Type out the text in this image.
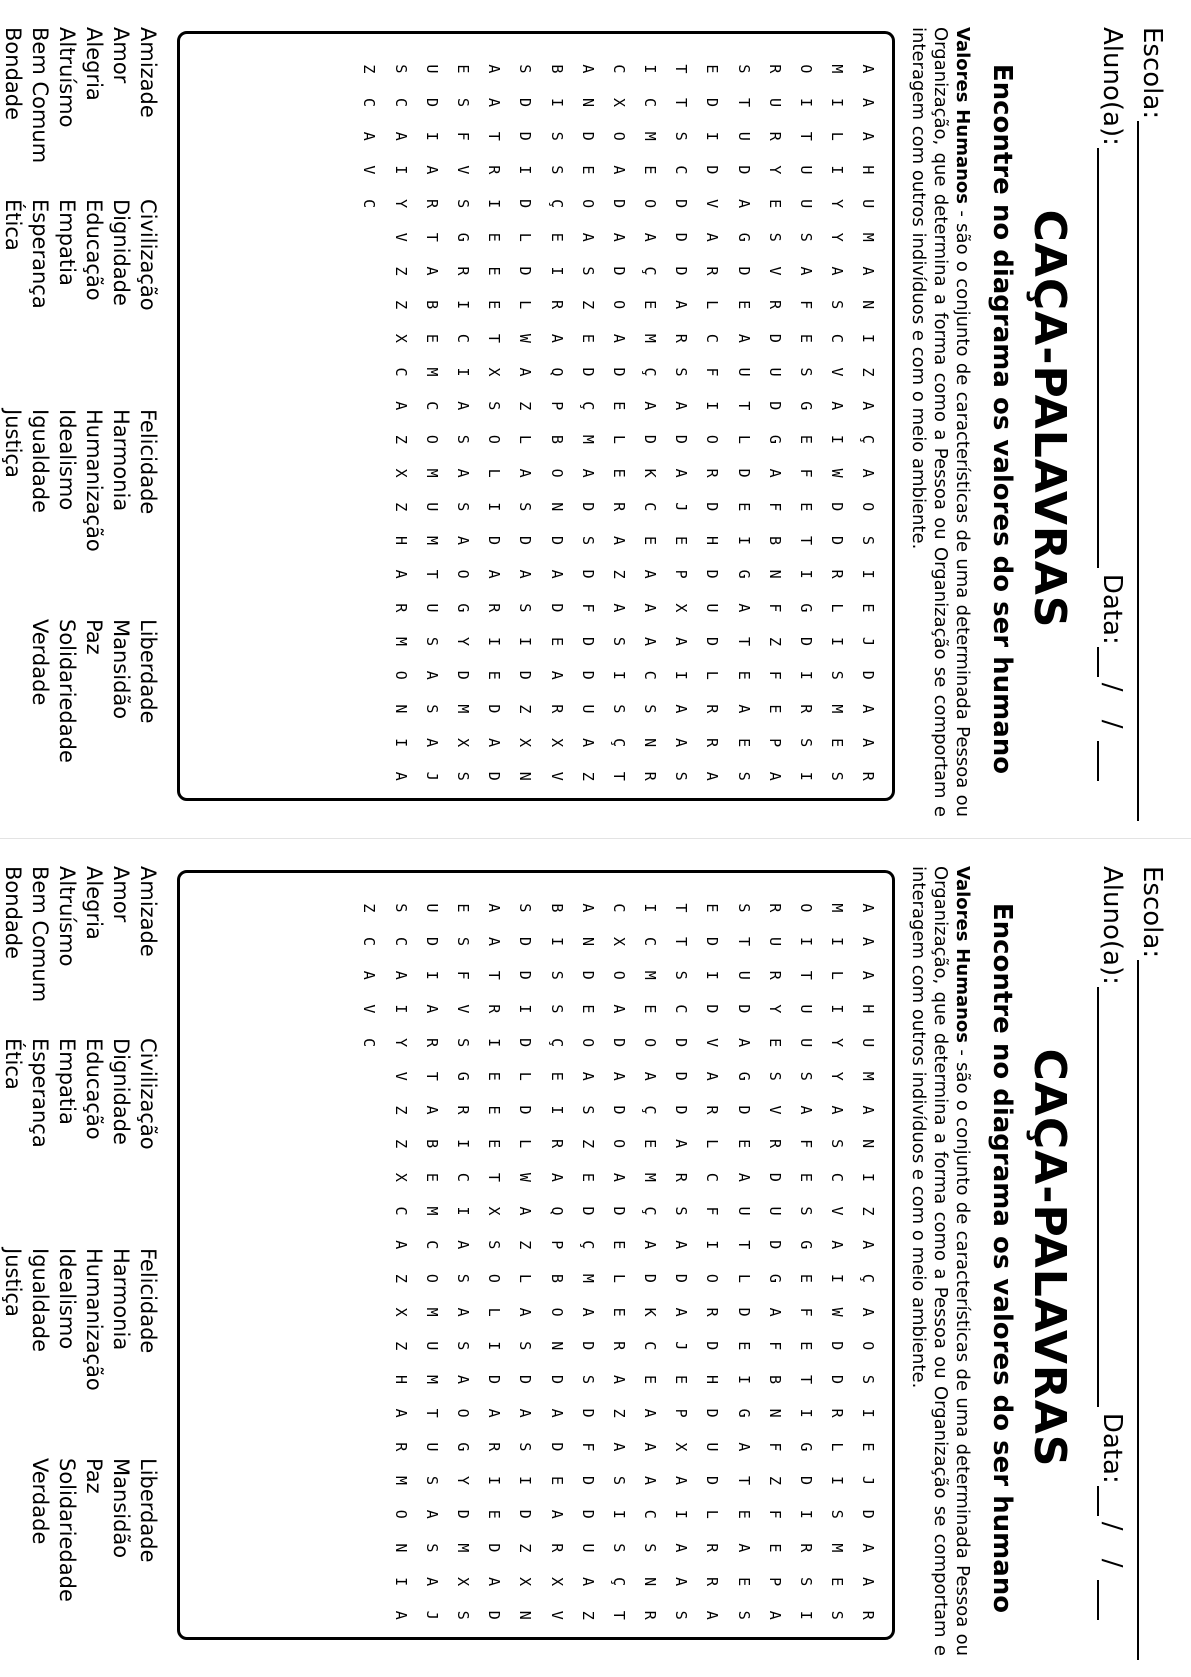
Escola:
Aluno(a):
Data:
/ /
CAÇA-PALAVRAS
Encontre no diagrama os valores do ser humano
Valores Humanos - são o conjunto de características de uma determinada Pessoa ou Organização, que determina a forma como a Pessoa ou Organização se comportam e interagem com outros indivíduos e com o meio ambiente.
A
A
A
H
U
M
A
N
I
Z
A
Ç
A
O
S
I
E
J
D
A
A
R
M
I
L
I
Y
Y
A
S
C
V
A
I
W
D
D
R
L
I
S
M
E
S
O
I
T
U
U
S
A
F
E
S
G
E
F
E
T
I
G
D
I
R
S
I
R
U
R
Y
E
S
V
R
D
U
D
G
A
F
B
N
F
Z
F
E
P
A
S
T
U
D
A
G
D
E
A
U
T
L
D
E
I
G
A
T
E
A
E
S
E
D
I
D
V
A
R
L
C
F
I
O
R
D
H
D
U
D
L
R
R
A
T
T
S
C
D
D
D
A
R
S
A
D
A
J
E
P
X
A
I
A
A
S
I
C
M
E
O
A
Ç
E
M
Ç
A
D
K
C
E
A
A
A
C
S
N
R
C
X
O
A
D
A
D
O
A
D
E
L
E
R
A
Z
A
S
I
S
Ç
T
A
N
D
E
O
A
S
Z
E
D
Ç
M
A
D
S
D
F
D
D
U
A
Z
B
I
S
S
Ç
E
I
R
A
Q
P
B
O
N
D
A
D
E
A
R
X
V
S
D
D
I
D
L
D
L
W
A
Z
L
A
S
D
A
S
I
D
Z
X
N
A
A
T
R
I
E
E
E
T
X
S
O
L
I
D
A
R
I
E
D
A
D
E
S
F
V
S
G
R
I
C
I
A
S
A
S
A
O
G
Y
D
M
X
S
U
D
I
A
R
T
A
B
E
M
C
O
M
U
M
T
U
S
A
S
A
J
S
C
A
I
Y
V
Z
Z
X
C
A
Z
X
Z
H
A
R
M
O
N
I
A
Z
C
A
V
C
Amizade
Amor
Alegria
Altruísmo
Bem Comum
Bondade
Civilização
Dignidade
Educação
Empatia
Esperança
Ética
Felicidade
Harmonia
Humanização
Idealismo
Igualdade
Justiça
Liberdade
Mansidão
Paz
Solidariedade
Verdade
Escola:
Aluno(a):
Data:
/ /
CAÇA-PALAVRAS
Encontre no diagrama os valores do ser humano
Valores Humanos - são o conjunto de características de uma determinada Pessoa ou Organização, que determina a forma como a Pessoa ou Organização se comportam e interagem com outros indivíduos e com o meio ambiente.
A
A
A
H
U
M
A
N
I
Z
A
Ç
A
O
S
I
E
J
D
A
A
R
M
I
L
I
Y
Y
A
S
C
V
A
I
W
D
D
R
L
I
S
M
E
S
O
I
T
U
U
S
A
F
E
S
G
E
F
E
T
I
G
D
I
R
S
I
R
U
R
Y
E
S
V
R
D
U
D
G
A
F
B
N
F
Z
F
E
P
A
S
T
U
D
A
G
D
E
A
U
T
L
D
E
I
G
A
T
E
A
E
S
E
D
I
D
V
A
R
L
C
F
I
O
R
D
H
D
U
D
L
R
R
A
T
T
S
C
D
D
D
A
R
S
A
D
A
J
E
P
X
A
I
A
A
S
I
C
M
E
O
A
Ç
E
M
Ç
A
D
K
C
E
A
A
A
C
S
N
R
C
X
O
A
D
A
D
O
A
D
E
L
E
R
A
Z
A
S
I
S
Ç
T
A
N
D
E
O
A
S
Z
E
D
Ç
M
A
D
S
D
F
D
D
U
A
Z
B
I
S
S
Ç
E
I
R
A
Q
P
B
O
N
D
A
D
E
A
R
X
V
S
D
D
I
D
L
D
L
W
A
Z
L
A
S
D
A
S
I
D
Z
X
N
A
A
T
R
I
E
E
E
T
X
S
O
L
I
D
A
R
I
E
D
A
D
E
S
F
V
S
G
R
I
C
I
A
S
A
S
A
O
G
Y
D
M
X
S
U
D
I
A
R
T
A
B
E
M
C
O
M
U
M
T
U
S
A
S
A
J
S
C
A
I
Y
V
Z
Z
X
C
A
Z
X
Z
H
A
R
M
O
N
I
A
Z
C
A
V
C
Amizade
Amor
Alegria
Altruísmo
Bem Comum
Bondade
Civilização
Dignidade
Educação
Empatia
Esperança
Ética
Felicidade
Harmonia
Humanização
Idealismo
Igualdade
Justiça
Liberdade
Mansidão
Paz
Solidariedade
Verdade
